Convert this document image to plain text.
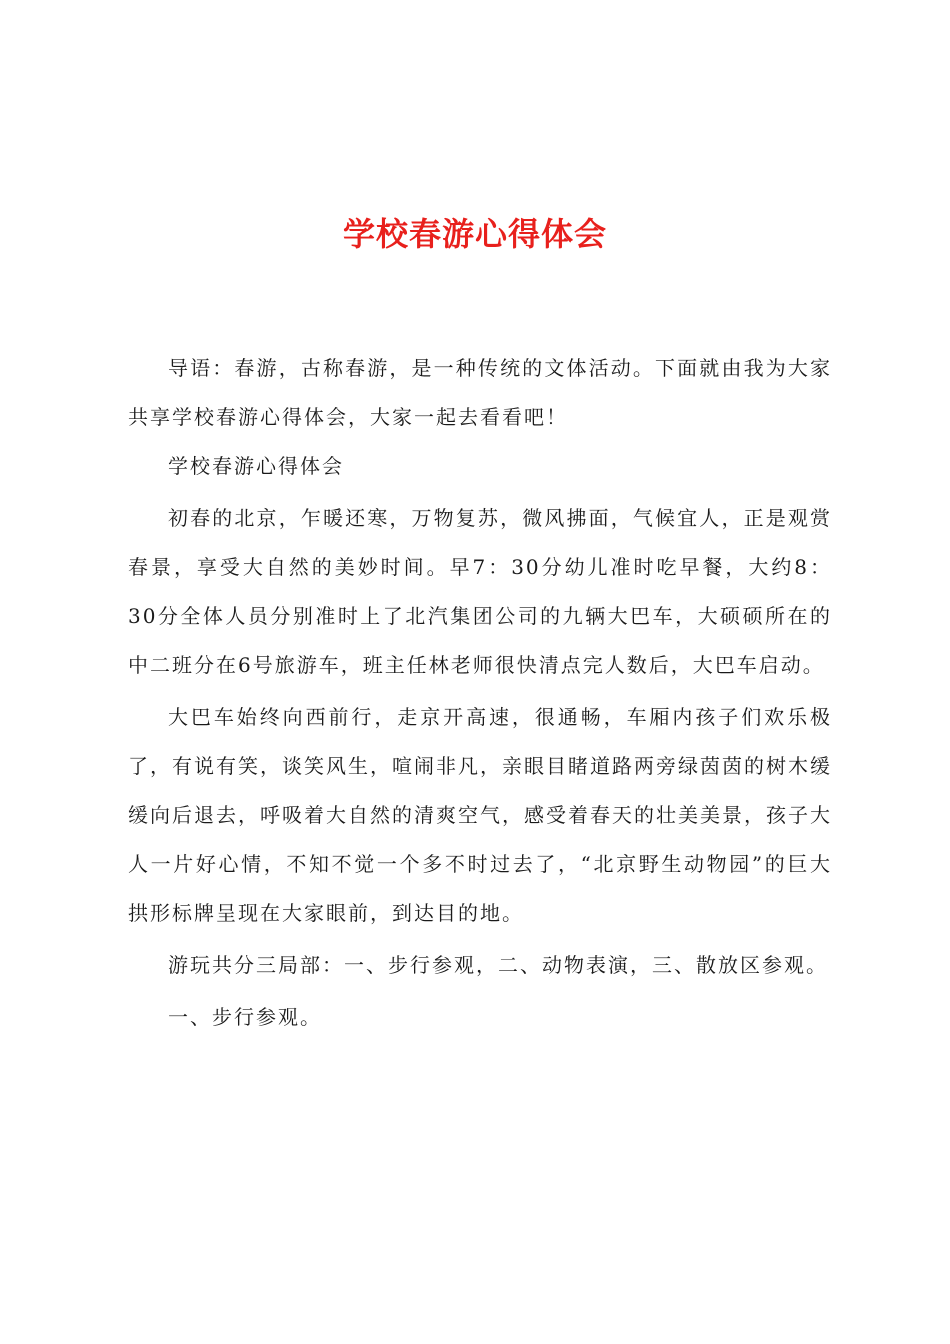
学校春游心得体会

导语：春游，古称春游，是一种传统的文体活动。下面就由我为大家共享学校春游心得体会，大家一起去看看吧！

学校春游心得体会

初春的北京，乍暖还寒，万物复苏，微风拂面，气候宜人，正是观赏春景，享受大自然的美妙时间。早7：30分幼儿准时吃早餐，大约8：30分全体人员分别准时上了北汽集团公司的九辆大巴车，大硕硕所在的中二班分在6号旅游车，班主任林老师很快清点完人数后，大巴车启动。

大巴车始终向西前行，走京开高速，很通畅，车厢内孩子们欢乐极了，有说有笑，谈笑风生，喧闹非凡，亲眼目睹道路两旁绿茵茵的树木缓缓向后退去，呼吸着大自然的清爽空气，感受着春天的壮美美景，孩子大人一片好心情，不知不觉一个多不时过去了，“北京野生动物园”的巨大拱形标牌呈现在大家眼前，到达目的地。

游玩共分三局部：一、步行参观，二、动物表演，三、散放区参观。

一、步行参观。
